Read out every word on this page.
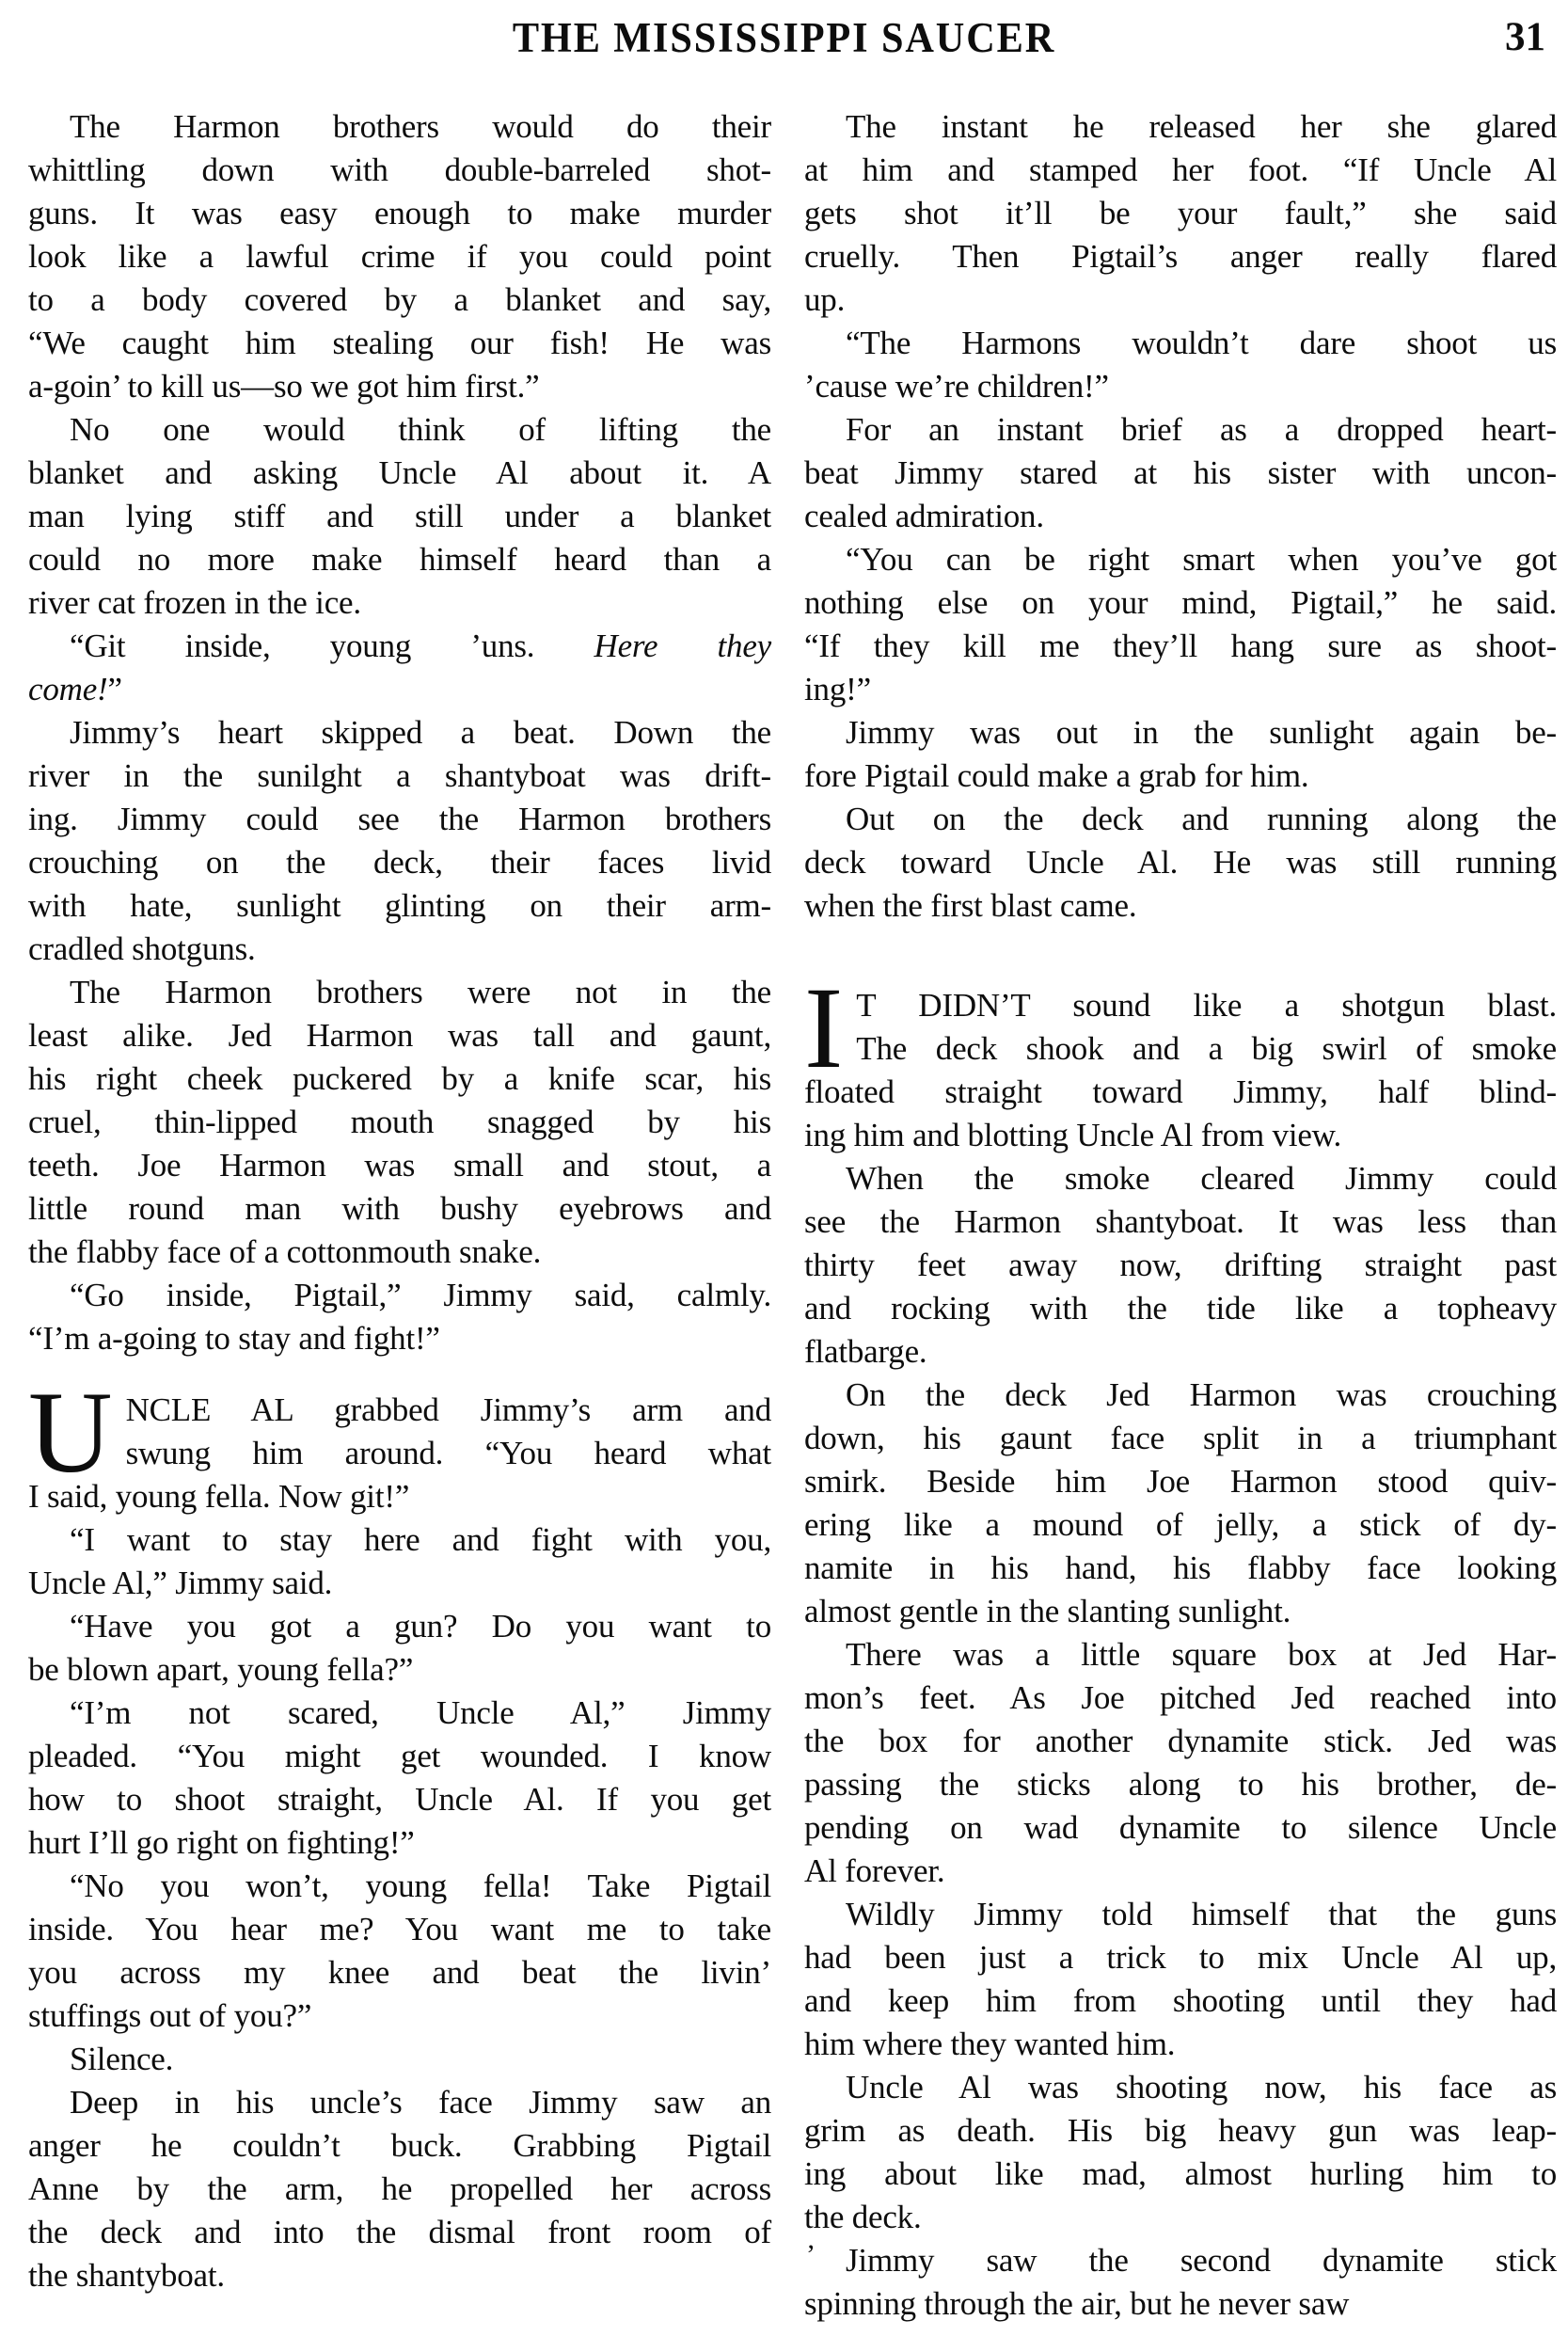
THE MISSISSIPPI SAUCER	31

The Harmon brothers would do their
whittling down with double-barreled shot-
guns. It was easy enough to make murder
look like a lawful crime if you could point
to a body covered by a blanket and say,
“We caught him stealing our fish! He was
a-goin’ to kill us—so we got him first.”

No one would think of lifting the
blanket and asking Uncle Al about it. A
man lying stiff and still under a blanket
could no more make himself heard than a
river cat frozen in the ice.

“Git inside, young ’uns. Here they
come!”

Jimmy’s heart skipped a beat. Down the
river in the sunilght a shantyboat was drift-
ing. Jimmy could see the Harmon brothers
crouching on the deck, their faces livid
with hate, sunlight glinting on their arm-
cradled shotguns.

The Harmon brothers were not in the
least alike. Jed Harmon was tall and gaunt,
his right cheek puckered by a knife scar, his
cruel, thin-lipped mouth snagged by his
teeth. Joe Harmon was small and stout, a
little round man with bushy eyebrows and
the flabby face of a cottonmouth snake.

“Go inside, Pigtail,” Jimmy said, calmly.
“I’m a-going to stay and fight!”

U NCLE AL grabbed Jimmy’s arm and
swung him around. “You heard what
I said, young fella. Now git!”

“I want to stay here and fight with you,
Uncle Al,” Jimmy said.

“Have you got a gun? Do you want to
be blown apart, young fella?”

“I’m not scared, Uncle Al,” Jimmy
pleaded. “You might get wounded. I know
how to shoot straight, Uncle Al. If you get
hurt I’ll go right on fighting!”

“No you won’t, young fella! Take Pigtail
inside. You hear me? You want me to take
you across my knee and beat the livin’
stuffings out of you?”

Silence.

Deep in his uncle’s face Jimmy saw an
anger he couldn’t buck. Grabbing Pigtail
Anne by the arm, he propelled her across
the deck and into the dismal front room of
the shantyboat.

The instant he released her she glared
at him and stamped her foot. “If Uncle Al
gets shot it’ll be your fault,” she said
cruelly. Then Pigtail’s anger really flared
up.

“The Harmons wouldn’t dare shoot us
’cause we’re children!”

For an instant brief as a dropped heart-
beat Jimmy stared at his sister with uncon-
cealed admiration.

“You can be right smart when you’ve got
nothing else on your mind, Pigtail,” he said.
“If they kill me they’ll hang sure as shoot-
ing!”

Jimmy was out in the sunlight again be-
fore Pigtail could make a grab for him.

Out on the deck and running along the
deck toward Uncle Al. He was still running
when the first blast came.

I T DIDN’T sound like a shotgun blast.
The deck shook and a big swirl of smoke
floated straight toward Jimmy, half blind-
ing him and blotting Uncle Al from view.

When the smoke cleared Jimmy could
see the Harmon shantyboat. It was less than
thirty feet away now, drifting straight past
and rocking with the tide like a topheavy
flatbarge.

On the deck Jed Harmon was crouching
down, his gaunt face split in a triumphant
smirk. Beside him Joe Harmon stood quiv-
ering like a mound of jelly, a stick of dy-
namite in his hand, his flabby face looking
almost gentle in the slanting sunlight.

There was a little square box at Jed Har-
mon’s feet. As Joe pitched Jed reached into
the box for another dynamite stick. Jed was
passing the sticks along to his brother, de-
pending on wad dynamite to silence Uncle
Al forever.

Wildly Jimmy told himself that the guns
had been just a trick to mix Uncle Al up,
and keep him from shooting until they had
him where they wanted him.

Uncle Al was shooting now, his face as
grim as death. His big heavy gun was leap-
ing about like mad, almost hurling him to
the deck.

’ Jimmy saw the second dynamite stick
spinning through the air, but he never saw
